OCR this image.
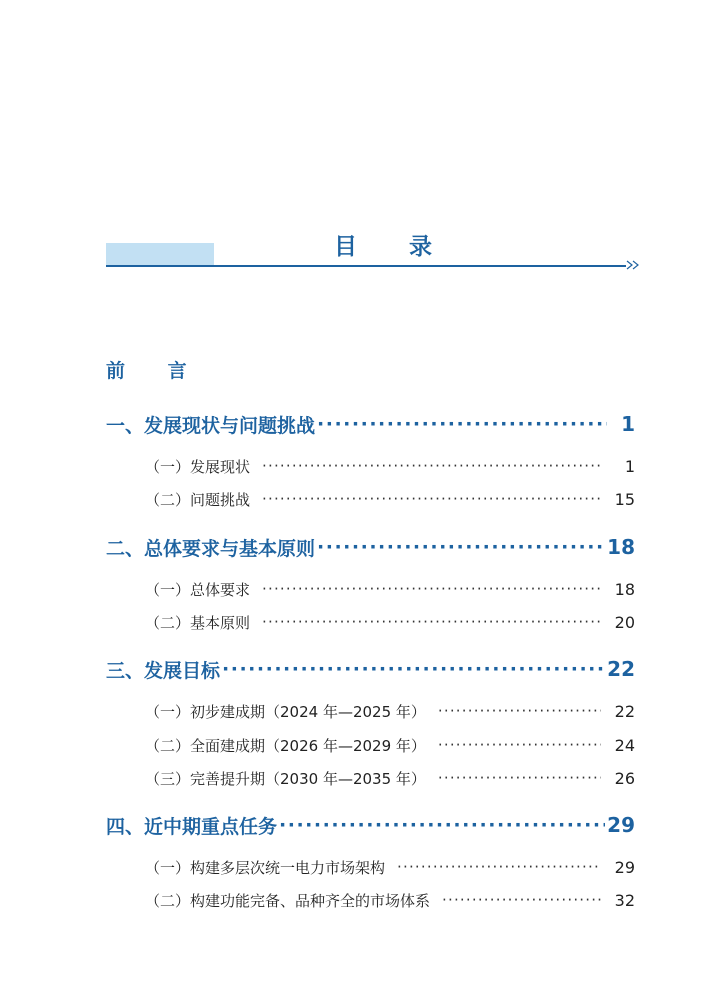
目 录
前 言
一、发展现状与问题挑战 ·····	1
（一）发展现状 ·····	1
（二）问题挑战 ·····	15
二、总体要求与基本原则 ·····	18
（一）总体要求 ·····	18
（二）基本原则 ·····	20
三、发展目标 ·····	22
（一）初步建成期（2024 年—2025 年） ·····	22
（二）全面建成期（2026 年—2029 年） ·····	24
（三）完善提升期（2030 年—2035 年） ·····	26
四、近中期重点任务 ·····	29
（一）构建多层次统一电力市场架构 ·····	29
（二）构建功能完备、品种齐全的市场体系 ·····	32
